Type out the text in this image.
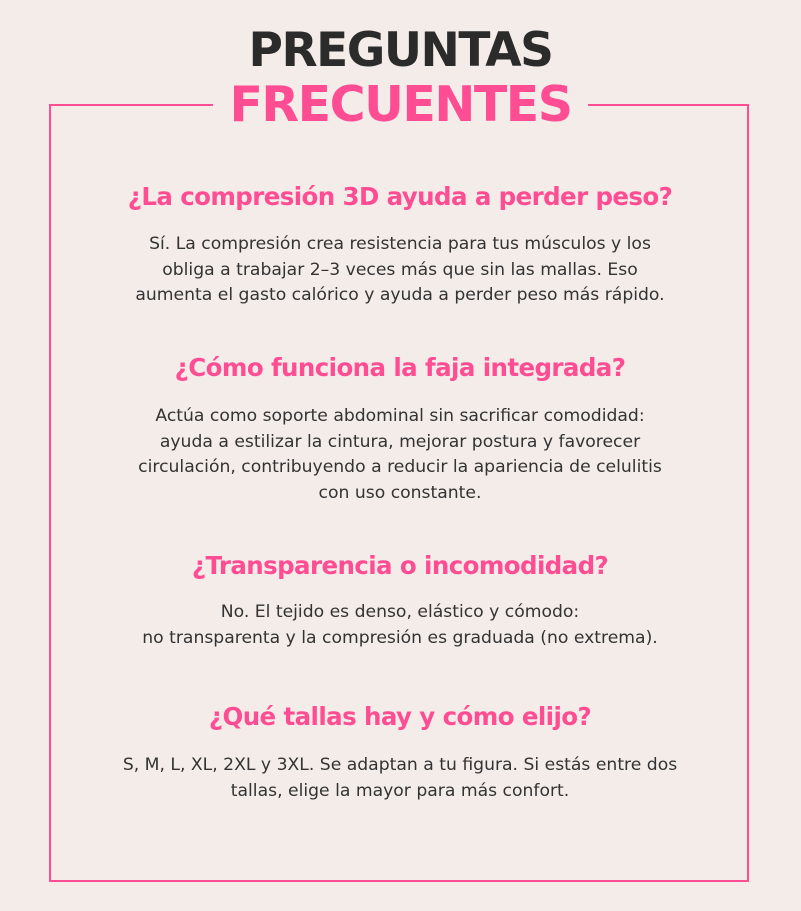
PREGUNTAS
FRECUENTES

¿La compresión 3D ayuda a perder peso?

Sí. La compresión crea resistencia para tus músculos y los
obliga a trabajar 2–3 veces más que sin las mallas. Eso
aumenta el gasto calórico y ayuda a perder peso más rápido.

¿Cómo funciona la faja integrada?

Actúa como soporte abdominal sin sacrificar comodidad:
ayuda a estilizar la cintura, mejorar postura y favorecer
circulación, contribuyendo a reducir la apariencia de celulitis
con uso constante.

¿Transparencia o incomodidad?

No. El tejido es denso, elástico y cómodo:
no transparenta y la compresión es graduada (no extrema).

¿Qué tallas hay y cómo elijo?

S, M, L, XL, 2XL y 3XL. Se adaptan a tu figura. Si estás entre dos
tallas, elige la mayor para más confort.
